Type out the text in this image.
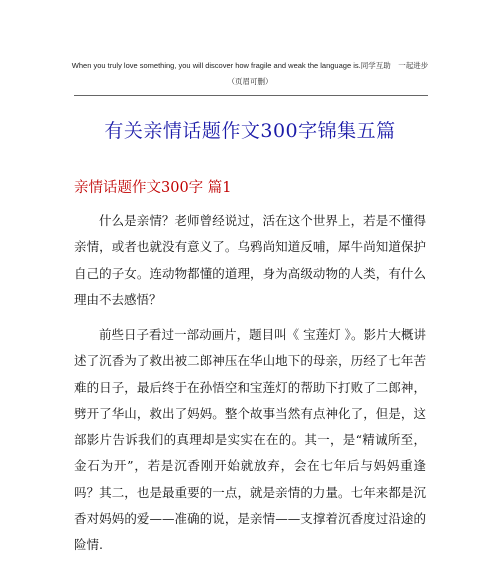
When you truly love something, you will discover how fragile and weak the language is.同学互助　一起进步
（页眉可删）
有关亲情话题作文300字锦集五篇
亲情话题作文300字 篇1

什么是亲情？老师曾经说过，活在这个世界上，若是不懂得亲情，或者也就没有意义了。乌鸦尚知道反哺，犀牛尚知道保护自己的子女。连动物都懂的道理，身为高级动物的人类，有什么理由不去感悟？

前些日子看过一部动画片，题目叫《 宝莲灯 》。影片大概讲述了沉香为了救出被二郎神压在华山地下的母亲，历经了七年苦难的日子，最后终于在孙悟空和宝莲灯的帮助下打败了二郎神，劈开了华山，救出了妈妈。整个故事当然有点神化了，但是，这部影片告诉我们的真理却是实实在在的。其一，是“精诚所至，金石为开”，若是沉香刚开始就放弃，会在七年后与妈妈重逢吗？其二，也是最重要的一点，就是亲情的力量。七年来都是沉香对妈妈的爱——准确的说，是亲情——支撑着沉香度过沿途的险情.
